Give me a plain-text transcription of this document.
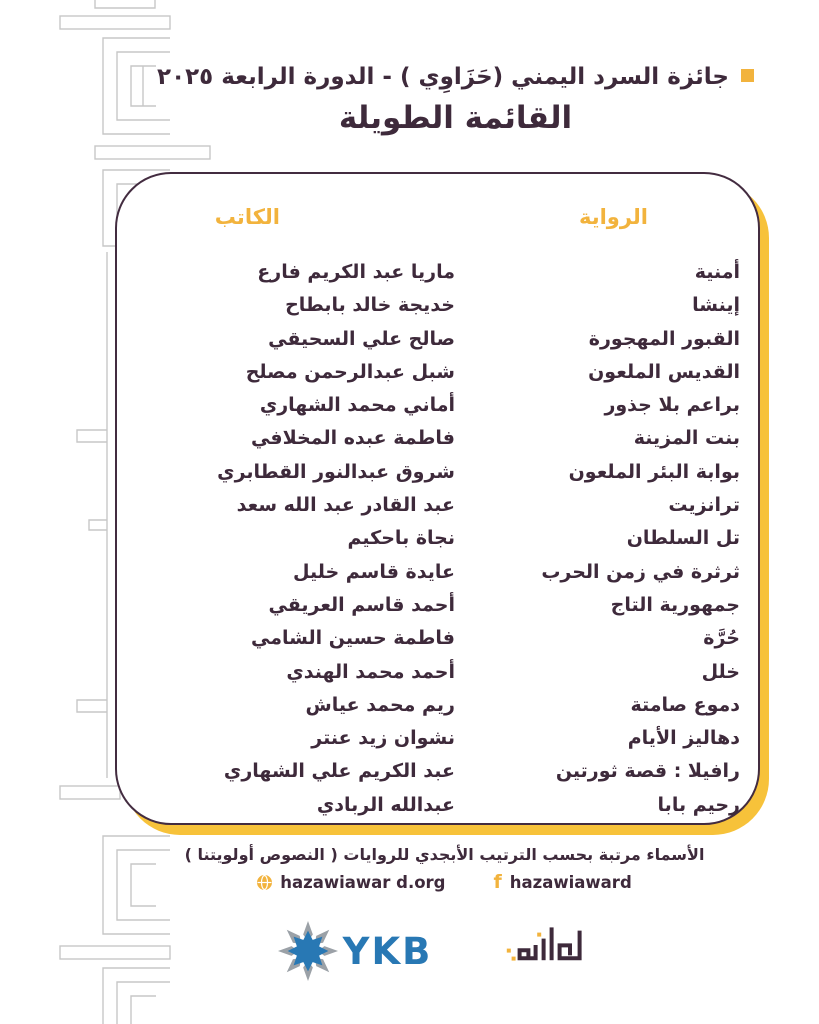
جائزة السرد اليمني (حَزَاوِي ) - الدورة الرابعة ٢٠٢٥
القائمة الطويلة
الرواية
الكاتب
أمنية
ماريا عبد الكريم فارع
إينشا
خديجة خالد بابطاح
القبور المهجورة
صالح علي السحيقي
القديس الملعون
شبل عبدالرحمن مصلح
براعم بلا جذور
أماني محمد الشهاري
بنت المزينة
فاطمة عبده المخلافي
بوابة البئر الملعون
شروق عبدالنور القطابري
ترانزيت
عبد القادر عبد الله سعد
تل السلطان
نجاة باحكيم
ثرثرة في زمن الحرب
عايدة قاسم خليل
جمهورية التاج
أحمد قاسم العريقي
حُرَّة
فاطمة حسين الشامي
خلل
أحمد محمد الهندي
دموع صامتة
ريم محمد عياش
دهاليز الأيام
نشوان زيد عنتر
رافيلا : قصة ثورتين
عبد الكريم علي الشهاري
رحيم بابا
عبدالله الربادي
الأسماء مرتبة بحسب الترتيب الأبجدي للروايات ( النصوص أولويتنا )
hazawiawar d.org	f hazawiaward
YKB
